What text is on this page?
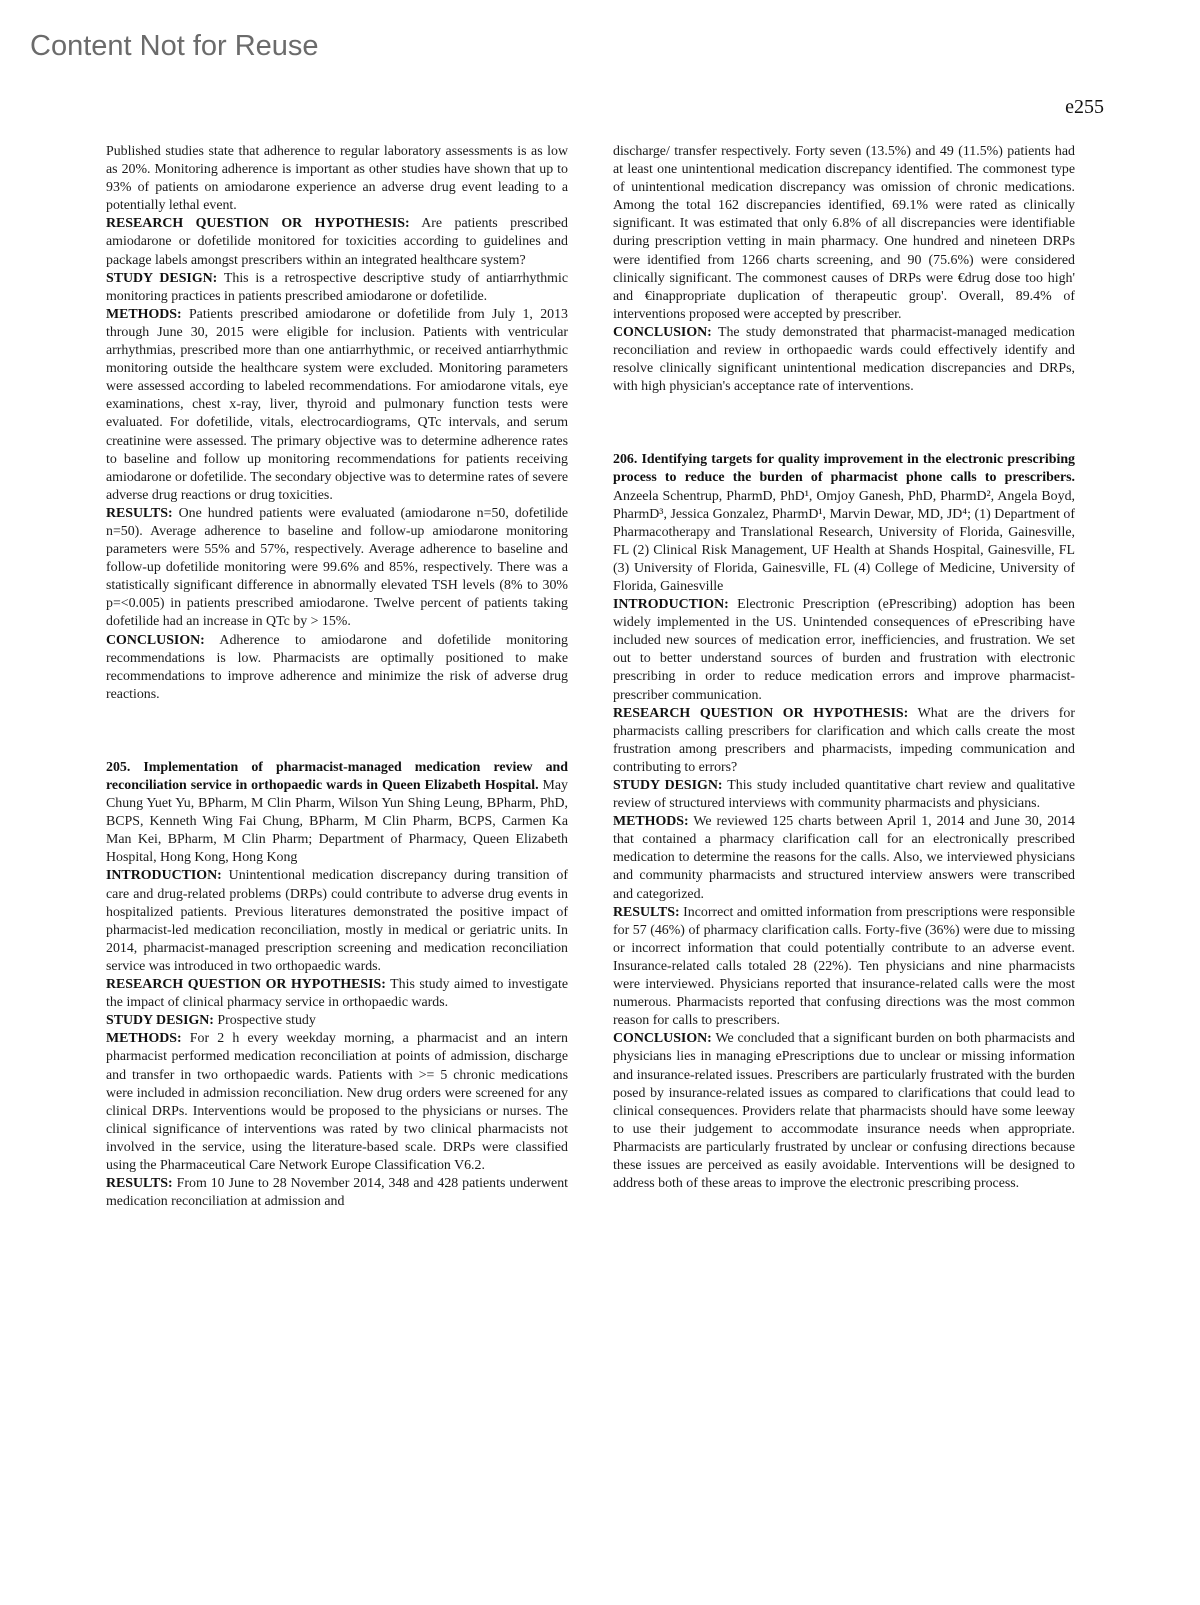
Content Not for Reuse
e255

Published studies state that adherence to regular laboratory assessments is as low as 20%. Monitoring adherence is important as other studies have shown that up to 93% of patients on amiodarone experience an adverse drug event leading to a potentially lethal event.

RESEARCH QUESTION OR HYPOTHESIS: Are patients prescribed amiodarone or dofetilide monitored for toxicities according to guidelines and package labels amongst prescribers within an integrated healthcare system?

STUDY DESIGN: This is a retrospective descriptive study of antiarrhythmic monitoring practices in patients prescribed amiodarone or dofetilide.

METHODS: Patients prescribed amiodarone or dofetilide from July 1, 2013 through June 30, 2015 were eligible for inclusion. Patients with ventricular arrhythmias, prescribed more than one antiarrhythmic, or received antiarrhythmic monitoring outside the healthcare system were excluded. Monitoring parameters were assessed according to labeled recommendations. For amiodarone vitals, eye examinations, chest x-ray, liver, thyroid and pulmonary function tests were evaluated. For dofetilide, vitals, electrocardiograms, QTc intervals, and serum creatinine were assessed. The primary objective was to determine adherence rates to baseline and follow up monitoring recommendations for patients receiving amiodarone or dofetilide. The secondary objective was to determine rates of severe adverse drug reactions or drug toxicities.

RESULTS: One hundred patients were evaluated (amiodarone n=50, dofetilide n=50). Average adherence to baseline and follow-up amiodarone monitoring parameters were 55% and 57%, respectively. Average adherence to baseline and follow-up dofetilide monitoring were 99.6% and 85%, respectively. There was a statistically significant difference in abnormally elevated TSH levels (8% to 30% p=<0.005) in patients prescribed amiodarone. Twelve percent of patients taking dofetilide had an increase in QTc by > 15%.

CONCLUSION: Adherence to amiodarone and dofetilide monitoring recommendations is low. Pharmacists are optimally positioned to make recommendations to improve adherence and minimize the risk of adverse drug reactions.

205. Implementation of pharmacist-managed medication review and reconciliation service in orthopaedic wards in Queen Elizabeth Hospital. May Chung Yuet Yu, BPharm, M Clin Pharm, Wilson Yun Shing Leung, BPharm, PhD, BCPS, Kenneth Wing Fai Chung, BPharm, M Clin Pharm, BCPS, Carmen Ka Man Kei, BPharm, M Clin Pharm; Department of Pharmacy, Queen Elizabeth Hospital, Hong Kong, Hong Kong

INTRODUCTION: Unintentional medication discrepancy during transition of care and drug-related problems (DRPs) could contribute to adverse drug events in hospitalized patients. Previous literatures demonstrated the positive impact of pharmacist-led medication reconciliation, mostly in medical or geriatric units. In 2014, pharmacist-managed prescription screening and medication reconciliation service was introduced in two orthopaedic wards.

RESEARCH QUESTION OR HYPOTHESIS: This study aimed to investigate the impact of clinical pharmacy service in orthopaedic wards.

STUDY DESIGN: Prospective study

METHODS: For 2 h every weekday morning, a pharmacist and an intern pharmacist performed medication reconciliation at points of admission, discharge and transfer in two orthopaedic wards. Patients with >= 5 chronic medications were included in admission reconciliation. New drug orders were screened for any clinical DRPs. Interventions would be proposed to the physicians or nurses. The clinical significance of interventions was rated by two clinical pharmacists not involved in the service, using the literature-based scale. DRPs were classified using the Pharmaceutical Care Network Europe Classification V6.2.

RESULTS: From 10 June to 28 November 2014, 348 and 428 patients underwent medication reconciliation at admission and

discharge/ transfer respectively. Forty seven (13.5%) and 49 (11.5%) patients had at least one unintentional medication discrepancy identified. The commonest type of unintentional medication discrepancy was omission of chronic medications. Among the total 162 discrepancies identified, 69.1% were rated as clinically significant. It was estimated that only 6.8% of all discrepancies were identifiable during prescription vetting in main pharmacy. One hundred and nineteen DRPs were identified from 1266 charts screening, and 90 (75.6%) were considered clinically significant. The commonest causes of DRPs were €drug dose too high' and €inappropriate duplication of therapeutic group'. Overall, 89.4% of interventions proposed were accepted by prescriber.

CONCLUSION: The study demonstrated that pharmacist-managed medication reconciliation and review in orthopaedic wards could effectively identify and resolve clinically significant unintentional medication discrepancies and DRPs, with high physician's acceptance rate of interventions.

206. Identifying targets for quality improvement in the electronic prescribing process to reduce the burden of pharmacist phone calls to prescribers. Anzeela Schentrup, PharmD, PhD¹, Omjoy Ganesh, PhD, PharmD², Angela Boyd, PharmD³, Jessica Gonzalez, PharmD¹, Marvin Dewar, MD, JD⁴; (1) Department of Pharmacotherapy and Translational Research, University of Florida, Gainesville, FL (2) Clinical Risk Management, UF Health at Shands Hospital, Gainesville, FL (3) University of Florida, Gainesville, FL (4) College of Medicine, University of Florida, Gainesville

INTRODUCTION: Electronic Prescription (ePrescribing) adoption has been widely implemented in the US. Unintended consequences of ePrescribing have included new sources of medication error, inefficiencies, and frustration. We set out to better understand sources of burden and frustration with electronic prescribing in order to reduce medication errors and improve pharmacist-prescriber communication.

RESEARCH QUESTION OR HYPOTHESIS: What are the drivers for pharmacists calling prescribers for clarification and which calls create the most frustration among prescribers and pharmacists, impeding communication and contributing to errors?

STUDY DESIGN: This study included quantitative chart review and qualitative review of structured interviews with community pharmacists and physicians.

METHODS: We reviewed 125 charts between April 1, 2014 and June 30, 2014 that contained a pharmacy clarification call for an electronically prescribed medication to determine the reasons for the calls. Also, we interviewed physicians and community pharmacists and structured interview answers were transcribed and categorized.

RESULTS: Incorrect and omitted information from prescriptions were responsible for 57 (46%) of pharmacy clarification calls. Forty-five (36%) were due to missing or incorrect information that could potentially contribute to an adverse event. Insurance-related calls totaled 28 (22%). Ten physicians and nine pharmacists were interviewed. Physicians reported that insurance-related calls were the most numerous. Pharmacists reported that confusing directions was the most common reason for calls to prescribers.

CONCLUSION: We concluded that a significant burden on both pharmacists and physicians lies in managing ePrescriptions due to unclear or missing information and insurance-related issues. Prescribers are particularly frustrated with the burden posed by insurance-related issues as compared to clarifications that could lead to clinical consequences. Providers relate that pharmacists should have some leeway to use their judgement to accommodate insurance needs when appropriate. Pharmacists are particularly frustrated by unclear or confusing directions because these issues are perceived as easily avoidable. Interventions will be designed to address both of these areas to improve the electronic prescribing process.
